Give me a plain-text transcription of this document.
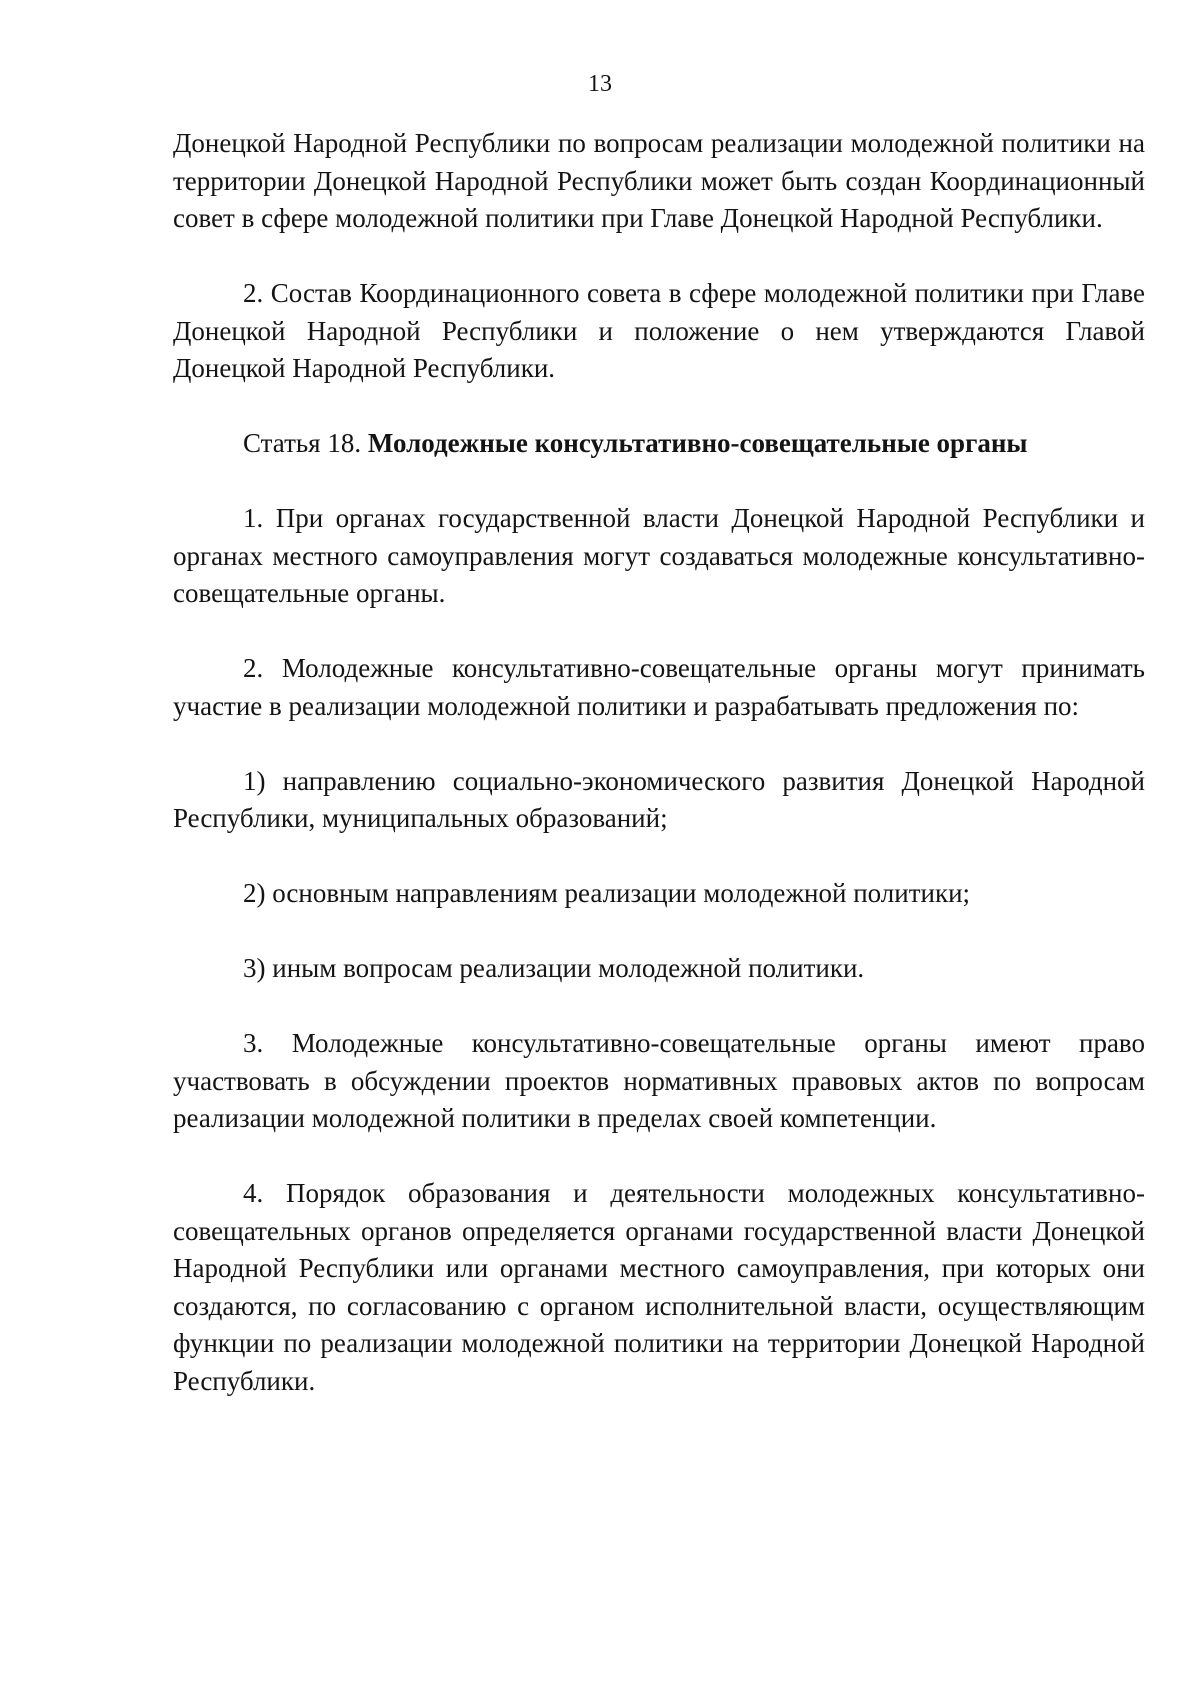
13

Донецкой Народной Республики по вопросам реализации молодежной политики на территории Донецкой Народной Республики может быть создан Координационный совет в сфере молодежной политики при Главе Донецкой Народной Республики.

2. Состав Координационного совета в сфере молодежной политики при Главе Донецкой Народной Республики и положение о нем утверждаются Главой Донецкой Народной Республики.

Статья 18. Молодежные консультативно-совещательные органы

1. При органах государственной власти Донецкой Народной Республики и органах местного самоуправления могут создаваться молодежные консультативно-совещательные органы.

2. Молодежные консультативно-совещательные органы могут принимать участие в реализации молодежной политики и разрабатывать предложения по:

1) направлению социально-экономического развития Донецкой Народной Республики, муниципальных образований;

2) основным направлениям реализации молодежной политики;

3) иным вопросам реализации молодежной политики.

3. Молодежные консультативно-совещательные органы имеют право участвовать в обсуждении проектов нормативных правовых актов по вопросам реализации молодежной политики в пределах своей компетенции.

4. Порядок образования и деятельности молодежных консультативно-совещательных органов определяется органами государственной власти Донецкой Народной Республики или органами местного самоуправления, при которых они создаются, по согласованию с органом исполнительной власти, осуществляющим функции по реализации молодежной политики на территории Донецкой Народной Республики.
